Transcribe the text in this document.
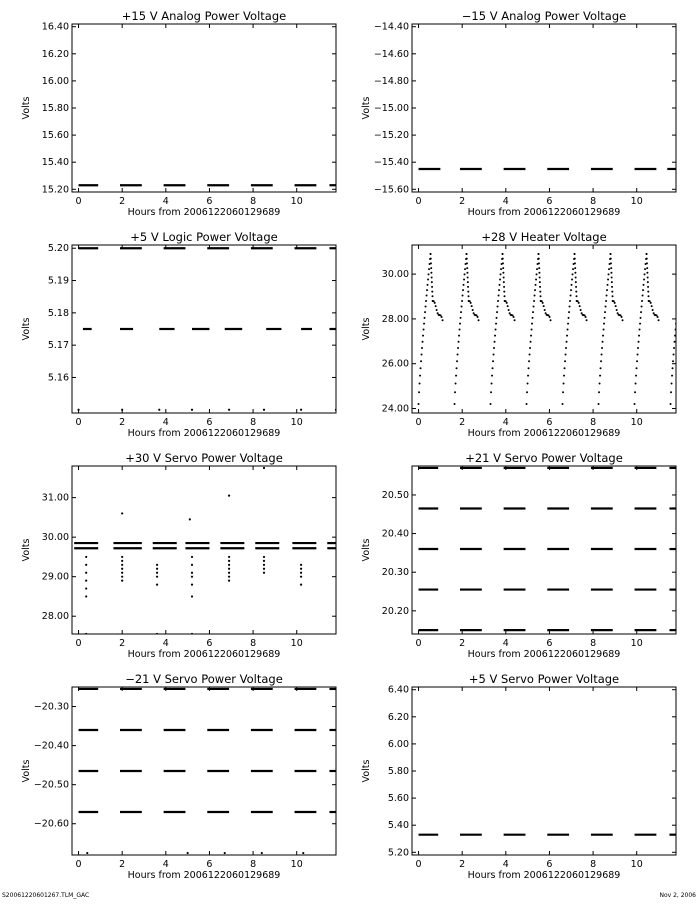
+15 V Analog Power Voltage
Hours from 20061220601296​89
Volts
0	2	4	6	8	10
15.20
15.40
15.60
15.80
16.00
16.20
16.40
−15 V Analog Power Voltage
Hours from 20061220601296​89
Volts
0	2	4	6	8	10
−15.60
−15.40
−15.20
−15.00
−14.80
−14.60
−14.40
+5 V Logic Power Voltage
Hours from 20061220601296​89
Volts
0	2	4	6	8	10
5.16
5.17
5.18
5.19
5.20
+28 V Heater Voltage
Hours from 20061220601296​89
Volts
0	2	4	6	8	10
24.00
26.00
28.00
30.00
+30 V Servo Power Voltage
Hours from 20061220601296​89
Volts
0	2	4	6	8	10
28.00
29.00
30.00
31.00
+21 V Servo Power Voltage
Hours from 20061220601296​89
Volts
0	2	4	6	8	10
20.20
20.30
20.40
20.50
−21 V Servo Power Voltage
Hours from 20061220601296​89
Volts
0	2	4	6	8	10
−20.60
−20.50
−20.40
−20.30
+5 V Servo Power Voltage
Hours from 20061220601296​89
Volts
0	2	4	6	8	10
5.20
5.40
5.60
5.80
6.00
6.20
6.40
S20061220601267.TLM_GAC	Nov 2, 2006
